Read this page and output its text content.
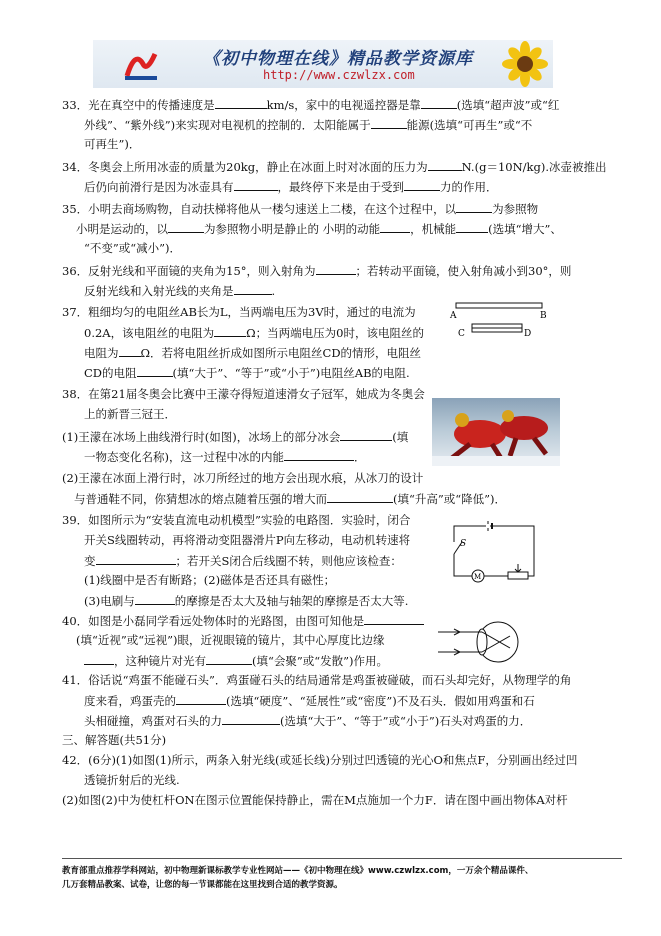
《初中物理在线》精品教学资源库
http://www.czwlzx.com
33．光在真空中的传播速度是	km/s，家中的电视遥控器是靠	(选填“超声波”或“红
外线”、“紫外线”)来实现对电视机的控制的．太阳能属于	能源(选填“可再生”或“不
可再生”)．
34．冬奥会上所用冰壶的质量为20kg，静止在冰面上时对冰面的压力为	N.(g＝10N/kg).冰壶被推出
后仍向前滑行是因为冰壶具有	，最终停下来是由于受到	力的作用．
35．小明去商场购物，自动扶梯将他从一楼匀速送上二楼，在这个过程中，以	为参照物
小明是运动的，以	为参照物小明是静止的 小明的动能	，机械能	(选填“增大”、
“不变”或“减小”)．
36．反射光线和平面镜的夹角为15°，则入射角为	；若转动平面镜，使入射角减小到30°，则
反射光线和入射光线的夹角是	.
37．粗细均匀的电阻丝AB长为L，当两端电压为3V时，通过的电流为
0.2A，该电阻丝的电阻为	Ω；当两端电压为0时，该电阻丝的
电阻为 Ω．若将电阻丝折成如图所示电阻丝CD的情形，电阻丝
CD的电阻	(填“大于”、“等于”或“小于”)电阻丝AB的电阻.
A	B
C	D
38．在第21届冬奥会比赛中王濛夺得短道速滑女子冠军，她成为冬奥会
上的新晋三冠王．
(1)王濛在冰场上曲线滑行时(如图)，冰场上的部分冰会	(填
一物态变化名称)，这一过程中冰的内能	．
(2)王濛在冰面上滑行时，冰刀所经过的地方会出现水痕，从冰刀的设计
与普通鞋不同，你猜想冰的熔点随着压强的增大而	(填“升高”或“降低”)．
39．如图所示为“安装直流电动机模型”实验的电路图．实验时，闭合
开关S线圈转动，再将滑动变阻器滑片P向左移动，电动机转速将
变	；若开关S闭合后线圈不转，则他应该检查：
(1)线圈中是否有断路；(2)磁体是否还具有磁性；
(3)电刷与	的摩擦是否太大及轴与轴架的摩擦是否太大等.
S
M
40．如图是小磊同学看远处物体时的光路图，由图可知他是
(填“近视”或“远视”)眼，近视眼镜的镜片，其中心厚度比边缘
，这种镜片对光有	(填“会聚”或“发散”)作用。
41．俗话说“鸡蛋不能碰石头”．鸡蛋碰石头的结局通常是鸡蛋被碰破，而石头却完好，从物理学的角
度来看，鸡蛋壳的	(选填“硬度”、“延展性”或“密度”)不及石头．假如用鸡蛋和石
头相碰撞，鸡蛋对石头的力	(选填“大于”、“等于”或“小于”)石头对鸡蛋的力．
三、解答题(共51分)
42．(6分)(1)如图(1)所示，两条入射光线(或延长线)分别过凹透镜的光心O和焦点F，分别画出经过凹
透镜折射后的光线.
(2)如图(2)中为使杠杆ON在图示位置能保持静止，需在M点施加一个力F．请在图中画出物体A对杆
教育部重点推荐学科网站，初中物理新课标教学专业性网站——《初中物理在线》www.czwlzx.com，一万余个精品课件、
几万套精品教案、试卷，让您的每一节课都能在这里找到合适的教学资源。
